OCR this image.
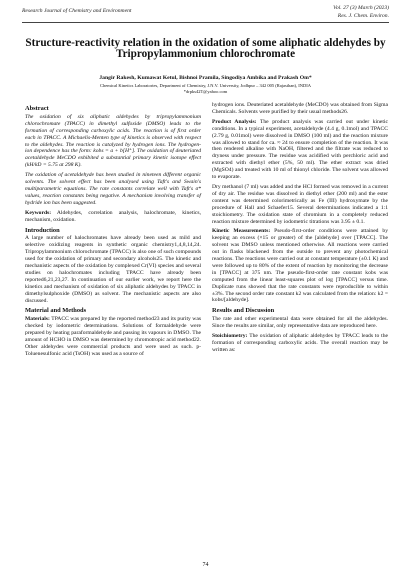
Research Journal of Chemistry and Environment	Vol. 27 (3) March (2023)
Res. J. Chem. Environ.
Structure-reactivity relation in the oxidation of some aliphatic aldehydes by Tripropylammonium chlorochromate
Jangir Rakesh, Kumawat Ketul, Bishnoi Pramila, Singodiya Ambika and Prakash Om*
Chemical Kinetics Laboratories, Department of Chemistry, J.N.V. University, Jodhpur – 342 005 (Rajasthan), INDIA
*drpks42T@yahoo.com
Abstract

The oxidation of six aliphatic aldehydes by tripropylammonium chlorochromate (TPACC) in dimethyl sulfoxide (DMSO) leads to the formation of corresponding carboxylic acids. The reaction is of first order each in TPACC. A Michaelis-Menten type of kinetics is observed with respect to the aldehydes. The reaction is catalyzed by hydrogen ions. The hydrogen-ion dependence has the form: kobs = a + b[H⁺]. The oxidation of deuteriated acetaldehyde MeCDO exhibited a substantial primary kinetic isotope effect (kH/kD = 5.75 at 298 K).

The oxidation of acetaldehyde has been studied in nineteen different organic solvents. The solvent effect has been analysed using Taft's and Swain's multiparametric equations. The rate constants correlate well with Taft's σ* values, reaction constants being negative. A mechanism involving transfer of hydride ion has been suggested.

Keywords: Aldehydes, correlation analysis, halochromate, kinetics, mechanism, oxidation.

Introduction

A large number of halochromates have already been used as mild and selective oxidizing reagents in synthetic organic chemistry1,4,8,14,24. Tripropylammonium chlorochromate (TPACC) is also one of such compounds used for the oxidation of primary and secondary alcohols25. The kinetic and mechanistic aspects of the oxidation by complexed Cr(VI) species and several studies on halochromates including TPACC have already been reported6,21,23,27. In continuation of our earlier work, we report here the kinetics and mechanism of oxidation of six aliphatic aldehydes by TPACC in dimethylsulphoxide (DMSO) as solvent. The mechanistic aspects are also discussed.

Material and Methods

Materials: TPACC was prepared by the reported method23 and its purity was checked by iodometric determinations. Solutions of formaldehyde were prepared by heating paraformaldehyde and passing its vapours in DMSO. The amount of HCHO in DMSO was determined by chromotropic acid method22. Other aldehydes were commercial products and were used as such. p-Toluenesulfonic acid (TsOH) was used as a source of

hydrogen ions. Deuteriated acetaldehyde (MeCDO) was obtained from Sigma Chemicals. Solvents were purified by their usual methods26.

Product Analysis: The product analysis was carried out under kinetic conditions. In a typical experiment, acetaldehyde (4.4 g, 0.1mol) and TPACC (2.79 g, 0.01mol) were dissolved in DMSO (100 ml) and the reaction mixture was allowed to stand for ca. ≈ 24 to ensure completion of the reaction. It was then rendered alkaline with NaOH, filtered and the filtrate was reduced to dryness under pressure. The residue was acidified with perchloric acid and extracted with diethyl ether (5%, 50 ml). The ether extract was dried (MgSO4) and treated with 10 ml of thionyl chloride. The solvent was allowed to evaporate.

Dry methanol (7 ml) was added and the HCl formed was removed in a current of dry air. The residue was dissolved in diethyl ether (200 ml) and the ester content was determined colorimetrically as Fe (III) hydroxymate by the procedure of Hall and Schaefer15. Several determinations indicated a 1:1 stoichiometry. The oxidation state of chromium in a completely reduced reaction mixture determined by iodometric titrations was 3.95 ± 0.1.

Kinetic Measurements: Pseudo-first-order conditions were attained by keeping an excess (×15 or greater) of the [aldehyde] over [TPACC]. The solvent was DMSO unless mentioned otherwise. All reactions were carried out in flasks blackened from the outside to prevent any photochemical reactions. The reactions were carried out at constant temperature (±0.1 K) and were followed up to 80% of the extent of reaction by monitoring the decrease in [TPACC] at 375 nm. The pseudo-first-order rate constant kobs was computed from the linear least-squares plot of log [TPACC] versus time. Duplicate runs showed that the rate constants were reproducible to within ±3%. The second order rate constant k2 was calculated from the relation: k2 = kobs/[aldehyde].

Results and Discussion

The rate and other experimental data were obtained for all the aldehydes. Since the results are similar, only representative data are reproduced here.

Stoichiometry: The oxidation of aliphatic aldehydes by TPACC leads to the formation of corresponding carboxylic acids. The overall reaction may be written as:

74
